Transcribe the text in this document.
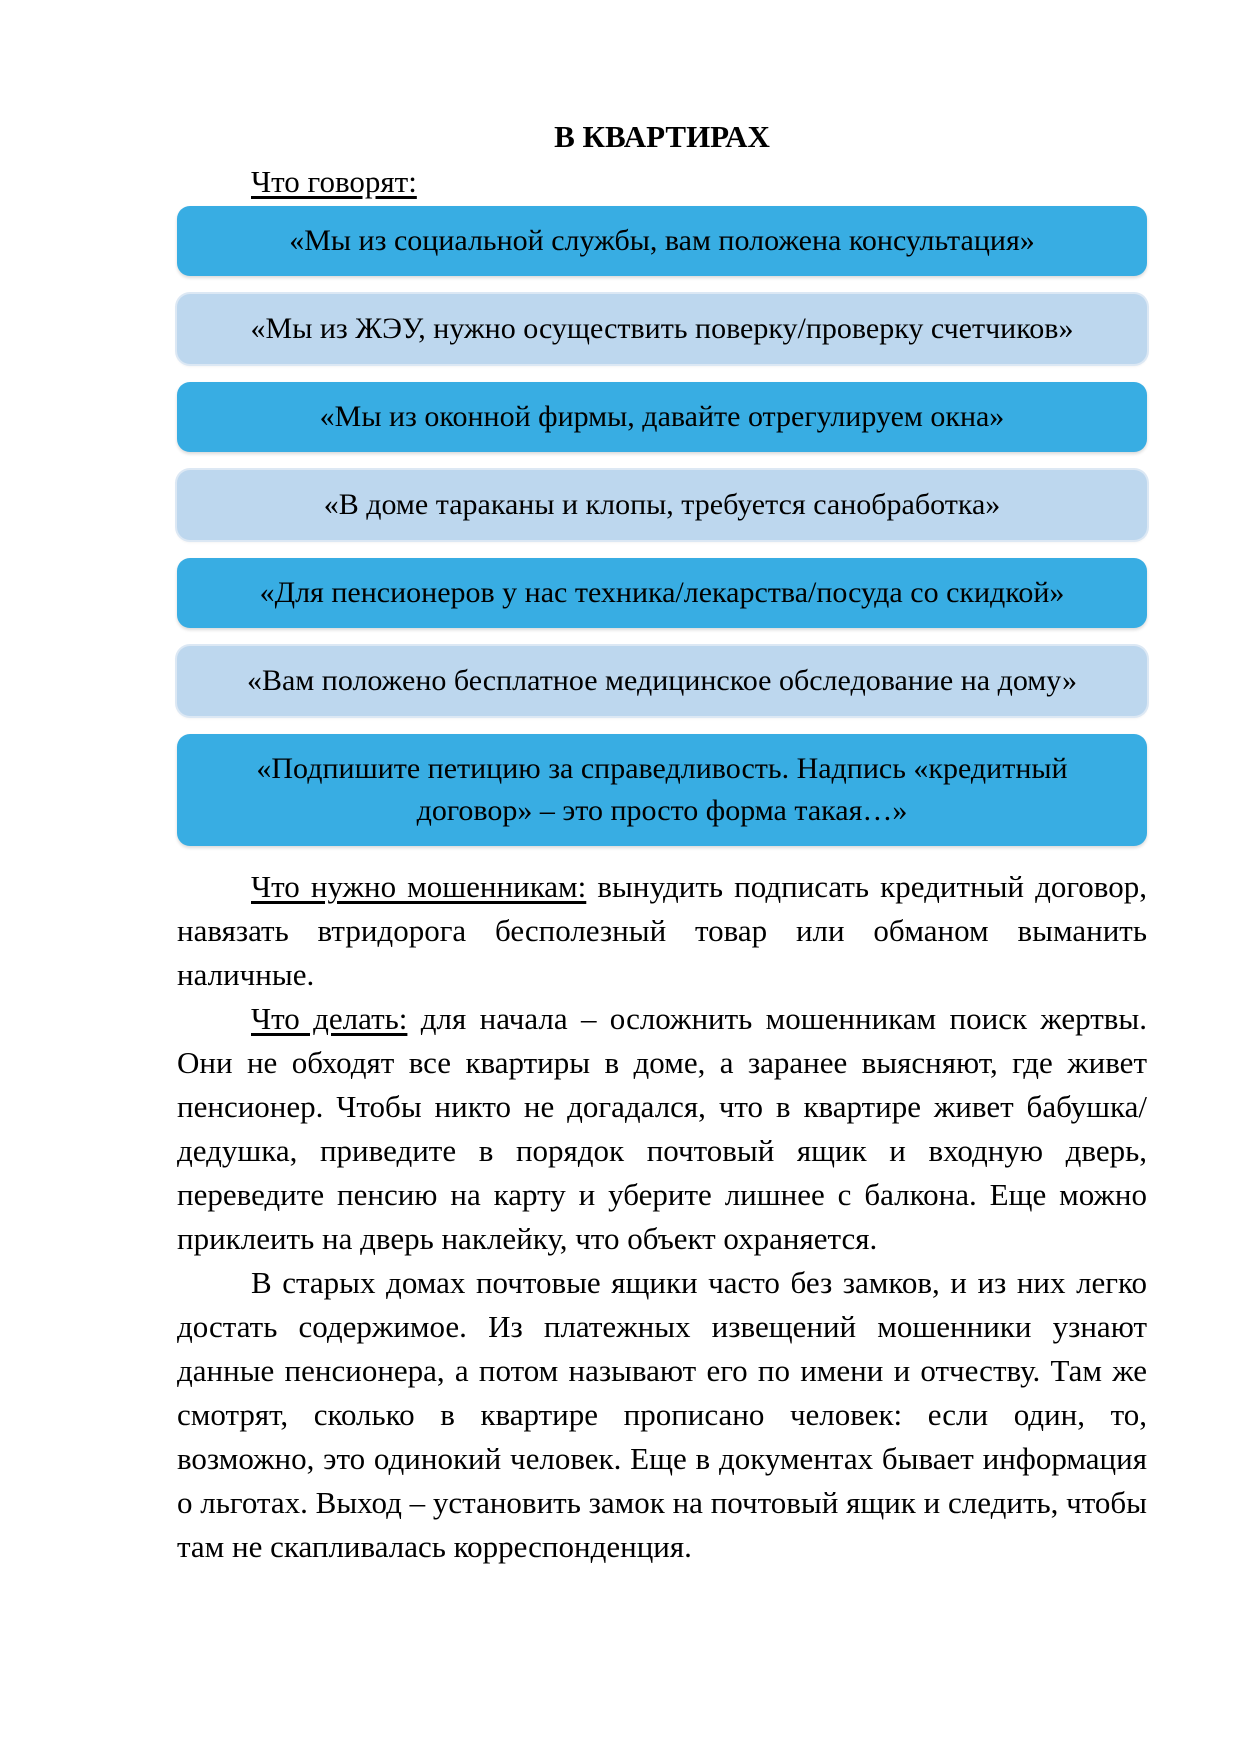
В КВАРТИРАХ
Что говорят:
«Мы из социальной службы, вам положена консультация»
«Мы из ЖЭУ, нужно осуществить поверку/проверку счетчиков»
«Мы из оконной фирмы, давайте отрегулируем окна»
«В доме тараканы и клопы, требуется санобработка»
«Для пенсионеров у нас техника/лекарства/посуда со скидкой»
«Вам положено бесплатное медицинское обследование на дому»
«Подпишите петицию за справедливость. Надпись «кредитный договор» – это просто форма такая…»

Что нужно мошенникам: вынудить подписать кредитный договор, навязать втридорога бесполезный товар или обманом выманить наличные.

Что делать: для начала – осложнить мошенникам поиск жертвы. Они не обходят все квартиры в доме, а заранее выясняют, где живет пенсионер. Чтобы никто не догадался, что в квартире живет бабушка/дедушка, приведите в порядок почтовый ящик и входную дверь, переведите пенсию на карту и уберите лишнее с балкона. Еще можно приклеить на дверь наклейку, что объект охраняется.

В старых домах почтовые ящики часто без замков, и из них легко достать содержимое. Из платежных извещений мошенники узнают данные пенсионера, а потом называют его по имени и отчеству. Там же смотрят, сколько в квартире прописано человек: если один, то, возможно, это одинокий человек. Еще в документах бывает информация о льготах. Выход – установить замок на почтовый ящик и следить, чтобы там не скапливалась корреспонденция.
